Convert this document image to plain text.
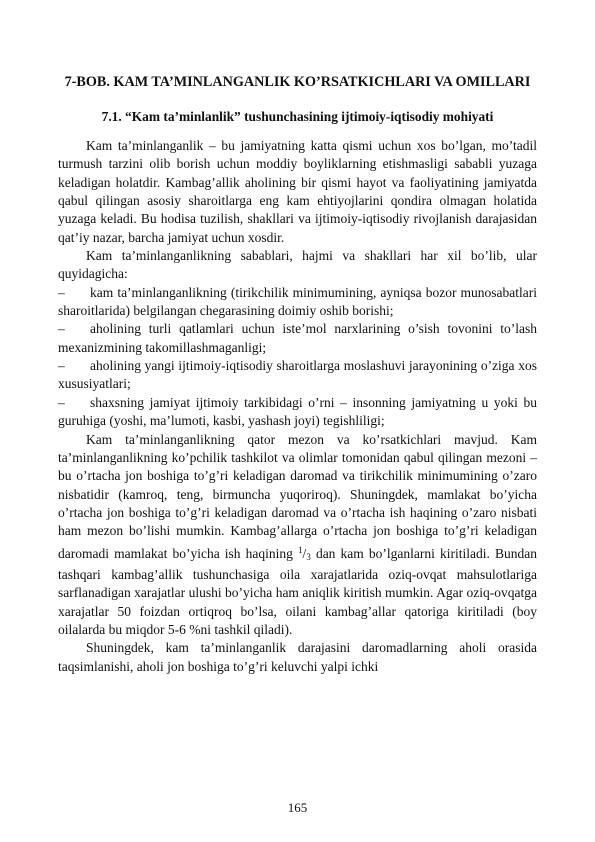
7-BOB. KAM TA’MINLANGANLIK KO’RSATKICHLARI VA OMILLARI
7.1. “Kam ta’minlanlik” tushunchasining ijtimoiy-iqtisodiy mohiyati

Kam ta’minlanganlik – bu jamiyatning katta qismi uchun xos bo’lgan, mo’tadil turmush tarzini olib borish uchun moddiy boyliklarning etishmasligi sababli yuzaga keladigan holatdir. Kambag’allik aholining bir qismi hayot va faoliyatining jamiyatda qabul qilingan asosiy sharoitlarga eng kam ehtiyojlarini qondira olmagan holatida yuzaga keladi. Bu hodisa tuzilish, shakllari va ijtimoiy-iqtisodiy rivojlanish darajasidan qat’iy nazar, barcha jamiyat uchun xosdir.

Kam ta’minlanganlikning sabablari, hajmi va shakllari har xil bo’lib, ular quyidagicha:

– kam ta’minlanganlikning (tirikchilik minimumining, ayniqsa bozor munosabatlari sharoitlarida) belgilangan chegarasining doimiy oshib borishi;

– aholining turli qatlamlari uchun iste’mol narxlarining o’sish tovonini to’lash mexanizmining takomillashmaganligi;

– aholining yangi ijtimoiy-iqtisodiy sharoitlarga moslashuvi jarayonining o’ziga xos xususiyatlari;

– shaxsning jamiyat ijtimoiy tarkibidagi o’rni – insonning jamiyatning u yoki bu guruhiga (yoshi, ma’lumoti, kasbi, yashash joyi) tegishliligi;

Kam ta’minlanganlikning qator mezon va ko’rsatkichlari mavjud. Kam ta’minlanganlikning ko’pchilik tashkilot va olimlar tomonidan qabul qilingan mezoni – bu o’rtacha jon boshiga to’g’ri keladigan daromad va tirikchilik minimumining o’zaro nisbatidir (kamroq, teng, birmuncha yuqoriroq). Shuningdek, mamlakat bo’yicha o’rtacha jon boshiga to’g’ri keladigan daromad va o’rtacha ish haqining o’zaro nisbati ham mezon bo’lishi mumkin. Kambag’allarga o’rtacha jon boshiga to’g’ri keladigan daromadi mamlakat bo’yicha ish haqining $^1/_3$ dan kam bo’lganlarni kiritiladi. Bundan tashqari kambag’allik tushunchasiga oila xarajatlarida oziq-ovqat mahsulotlariga sarflanadigan xarajatlar ulushi bo’yicha ham aniqlik kiritish mumkin. Agar oziq-ovqatga xarajatlar 50 foizdan ortiqroq bo’lsa, oilani kambag’allar qatoriga kiritiladi (boy oilalarda bu miqdor 5-6 %ni tashkil qiladi).

Shuningdek, kam ta’minlanganlik darajasini daromadlarning aholi orasida taqsimlanishi, aholi jon boshiga to’g’ri keluvchi yalpi ichki

165
